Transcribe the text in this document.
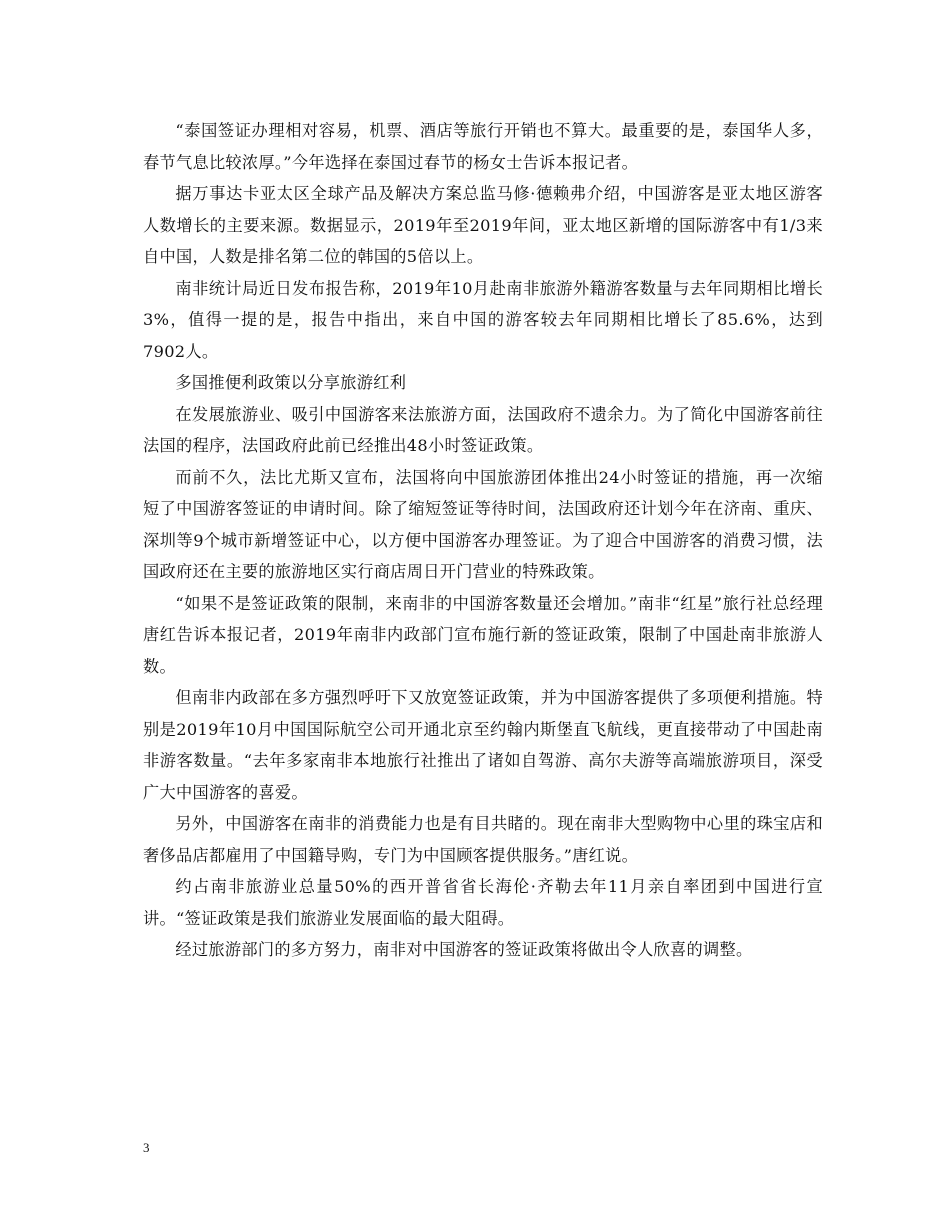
“泰国签证办理相对容易，机票、酒店等旅行开销也不算大。最重要的是，泰国华人多，春节气息比较浓厚。”今年选择在泰国过春节的杨女士告诉本报记者。

据万事达卡亚太区全球产品及解决方案总监马修·德赖弗介绍，中国游客是亚太地区游客人数增长的主要来源。数据显示，2019年至2019年间，亚太地区新增的国际游客中有1/3来自中国，人数是排名第二位的韩国的5倍以上。

南非统计局近日发布报告称，2019年10月赴南非旅游外籍游客数量与去年同期相比增长3%，值得一提的是，报告中指出，来自中国的游客较去年同期相比增长了85.6%，达到7902人。

多国推便利政策以分享旅游红利

在发展旅游业、吸引中国游客来法旅游方面，法国政府不遗余力。为了简化中国游客前往法国的程序，法国政府此前已经推出48小时签证政策。

而前不久，法比尤斯又宣布，法国将向中国旅游团体推出24小时签证的措施，再一次缩短了中国游客签证的申请时间。除了缩短签证等待时间，法国政府还计划今年在济南、重庆、深圳等9个城市新增签证中心，以方便中国游客办理签证。为了迎合中国游客的消费习惯，法国政府还在主要的旅游地区实行商店周日开门营业的特殊政策。

“如果不是签证政策的限制，来南非的中国游客数量还会增加。”南非“红星”旅行社总经理唐红告诉本报记者，2019年南非内政部门宣布施行新的签证政策，限制了中国赴南非旅游人数。

但南非内政部在多方强烈呼吁下又放宽签证政策，并为中国游客提供了多项便利措施。特别是2019年10月中国国际航空公司开通北京至约翰内斯堡直飞航线，更直接带动了中国赴南非游客数量。“去年多家南非本地旅行社推出了诸如自驾游、高尔夫游等高端旅游项目，深受广大中国游客的喜爱。

另外，中国游客在南非的消费能力也是有目共睹的。现在南非大型购物中心里的珠宝店和奢侈品店都雇用了中国籍导购，专门为中国顾客提供服务。”唐红说。

约占南非旅游业总量50%的西开普省省长海伦·齐勒去年11月亲自率团到中国进行宣讲。“签证政策是我们旅游业发展面临的最大阻碍。

经过旅游部门的多方努力，南非对中国游客的签证政策将做出令人欣喜的调整。

3
